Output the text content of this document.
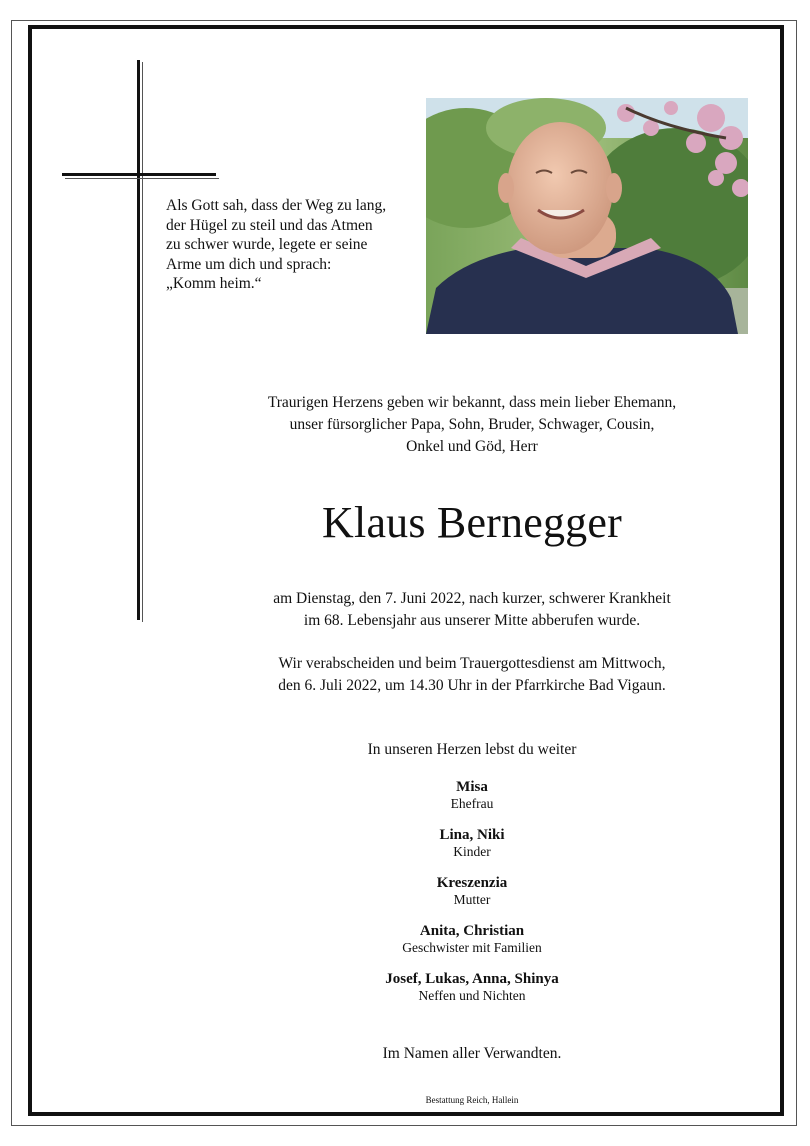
Als Gott sah, dass der Weg zu lang,
der Hügel zu steil und das Atmen
zu schwer wurde, legete er seine
Arme um dich und sprach:
„Komm heim.“

Traurigen Herzens geben wir bekannt, dass mein lieber Ehemann,
unser fürsorglicher Papa, Sohn, Bruder, Schwager, Cousin,
Onkel und Göd, Herr
Klaus Bernegger
am Dienstag, den 7. Juni 2022, nach kurzer, schwerer Krankheit
im 68. Lebensjahr aus unserer Mitte abberufen wurde.
Wir verabscheiden und beim Trauergottesdienst am Mittwoch,
den 6. Juli 2022, um 14.30 Uhr in der Pfarrkirche Bad Vigaun.
In unseren Herzen lebst du weiter
Misa
Ehefrau
Lina, Niki
Kinder
Kreszenzia
Mutter
Anita, Christian
Geschwister mit Familien
Josef, Lukas, Anna, Shinya
Neffen und Nichten
Im Namen aller Verwandten.
Bestattung Reich, Hallein
